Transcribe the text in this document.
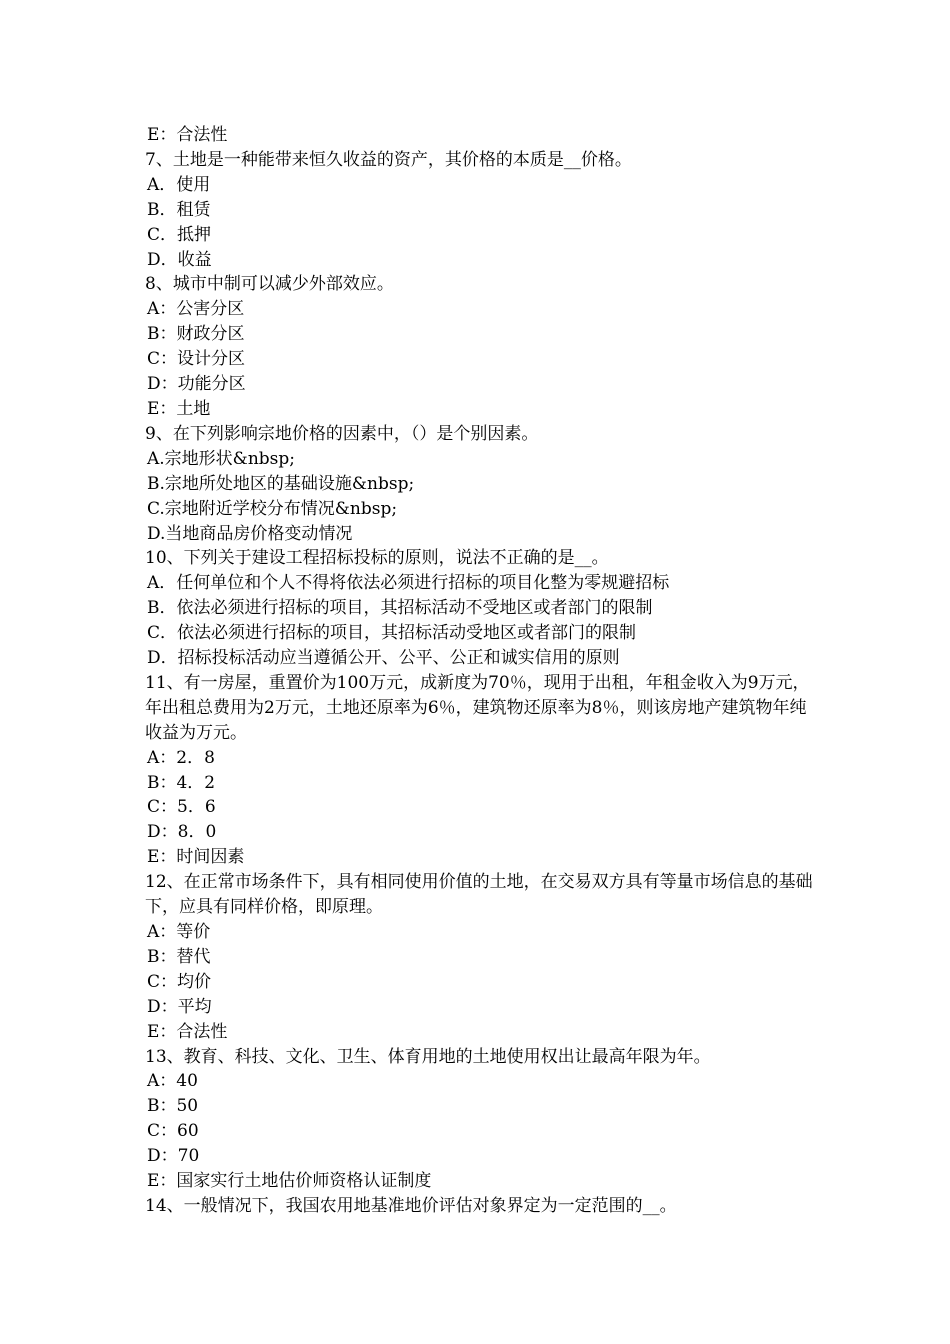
E：合法性
7、土地是一种能带来恒久收益的资产，其价格的本质是__价格。
A．使用
B．租赁
C．抵押
D．收益
8、城市中制可以减少外部效应。
A：公害分区
B：财政分区
C：设计分区
D：功能分区
E：土地
9、在下列影响宗地价格的因素中，（）是个别因素。
A.宗地形状&nbsp;
B.宗地所处地区的基础设施&nbsp;
C.宗地附近学校分布情况&nbsp;
D.当地商品房价格变动情况
10、下列关于建设工程招标投标的原则，说法不正确的是__。
A．任何单位和个人不得将依法必须进行招标的项目化整为零规避招标
B．依法必须进行招标的项目，其招标活动不受地区或者部门的限制
C．依法必须进行招标的项目，其招标活动受地区或者部门的限制
D．招标投标活动应当遵循公开、公平、公正和诚实信用的原则
11、有一房屋，重置价为100万元，成新度为70％，现用于出租，年租金收入为9万元，年出租总费用为2万元，土地还原率为6％，建筑物还原率为8％，则该房地产建筑物年纯收益为万元。
A：2．8
B：4．2
C：5．6
D：8．0
E：时间因素
12、在正常市场条件下，具有相同使用价值的土地，在交易双方具有等量市场信息的基础下，应具有同样价格，即原理。
A：等价
B：替代
C：均价
D：平均
E：合法性
13、教育、科技、文化、卫生、体育用地的土地使用权出让最高年限为年。
A：40
B：50
C：60
D：70
E：国家实行土地估价师资格认证制度
14、一般情况下，我国农用地基准地价评估对象界定为一定范围的__。
